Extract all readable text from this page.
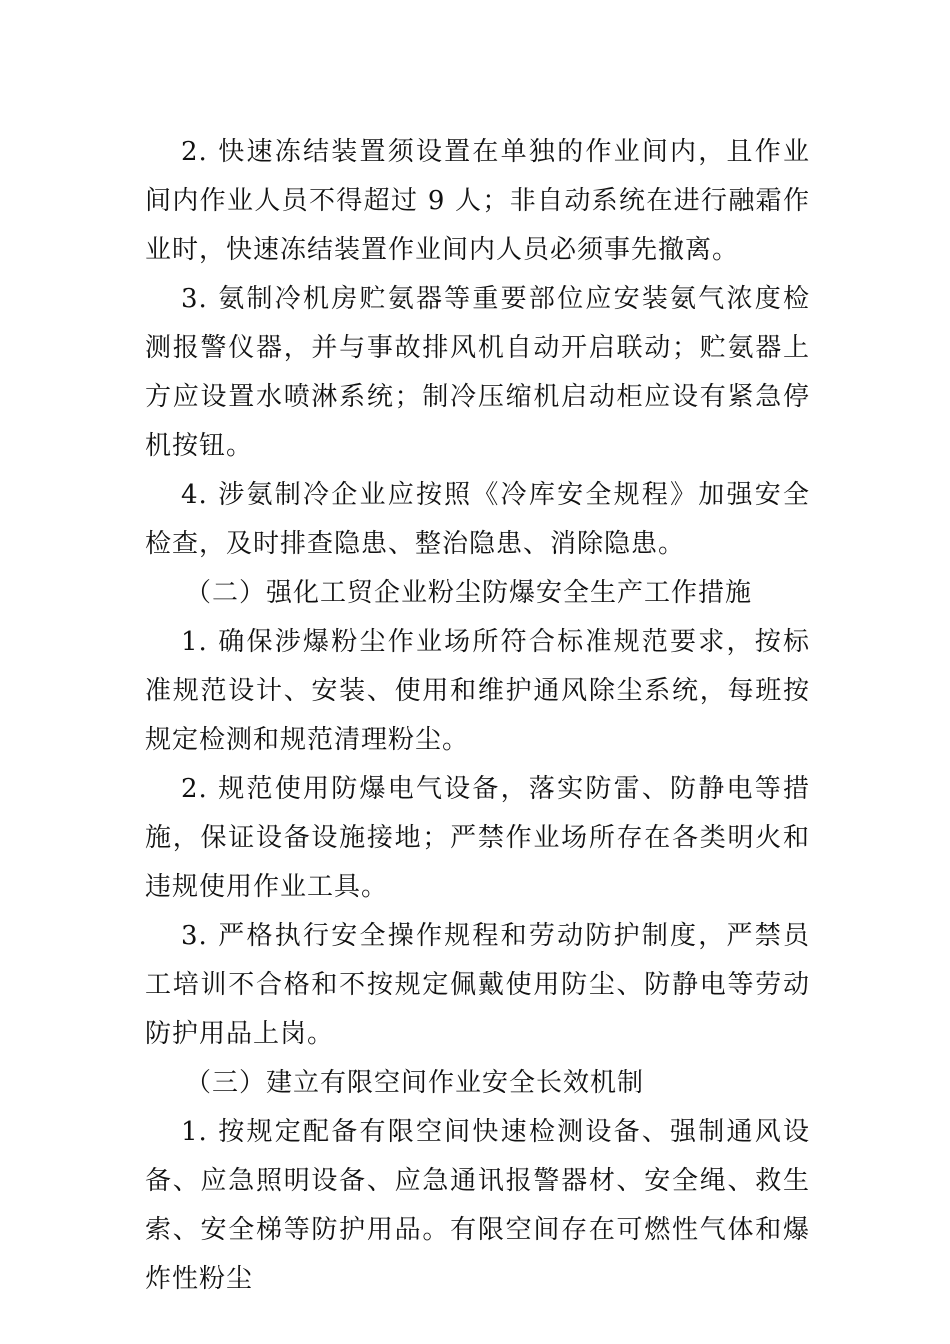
2. 快速冻结装置须设置在单独的作业间内，且作业间内作业人员不得超过 9 人；非自动系统在进行融霜作业时，快速冻结装置作业间内人员必须事先撤离。

3. 氨制冷机房贮氨器等重要部位应安装氨气浓度检测报警仪器，并与事故排风机自动开启联动；贮氨器上方应设置水喷淋系统；制冷压缩机启动柜应设有紧急停机按钮。

4. 涉氨制冷企业应按照《冷库安全规程》加强安全检查，及时排查隐患、整治隐患、消除隐患。

（二）强化工贸企业粉尘防爆安全生产工作措施

1. 确保涉爆粉尘作业场所符合标准规范要求，按标准规范设计、安装、使用和维护通风除尘系统，每班按规定检测和规范清理粉尘。

2. 规范使用防爆电气设备，落实防雷、防静电等措施，保证设备设施接地；严禁作业场所存在各类明火和违规使用作业工具。

3. 严格执行安全操作规程和劳动防护制度，严禁员工培训不合格和不按规定佩戴使用防尘、防静电等劳动防护用品上岗。

（三）建立有限空间作业安全长效机制

1. 按规定配备有限空间快速检测设备、强制通风设备、应急照明设备、应急通讯报警器材、安全绳、救生索、安全梯等防护用品。有限空间存在可燃性气体和爆炸性粉尘
